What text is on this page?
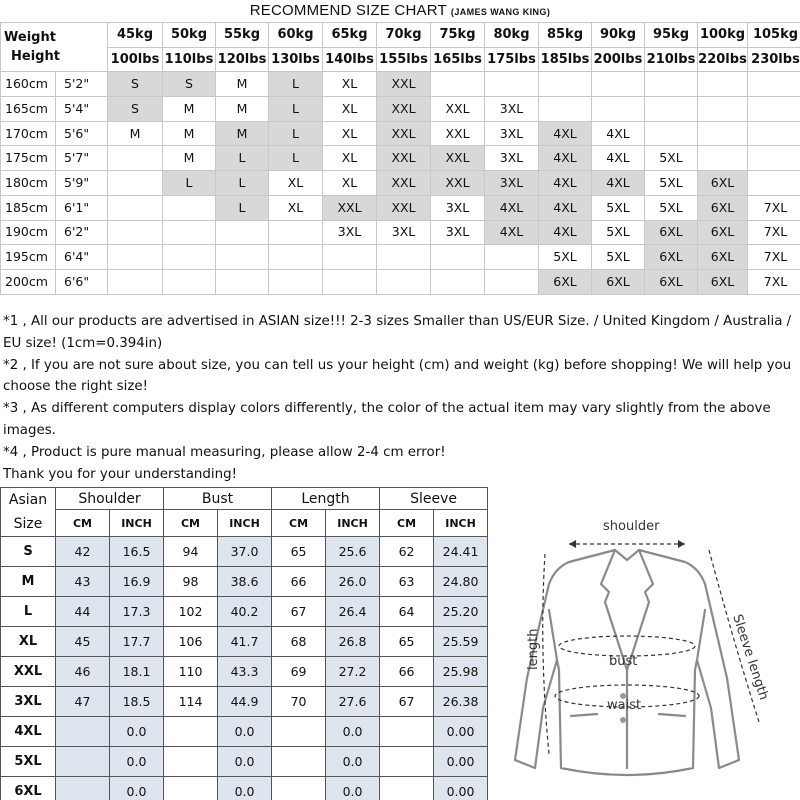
RECOMMEND SIZE CHART (JAMES WANG KING)
Weight
Height		45kg	50kg	55kg	60kg	65kg	70kg	75kg	80kg	85kg	90kg	95kg	100kg	105kg
		100lbs	110lbs	120lbs	130lbs	140lbs	155lbs	165lbs	175lbs	185lbs	200lbs	210lbs	220lbs	230lbs
160cm	5'2"	S	S	M	L	XL	XXL							
165cm	5'4"	S	M	M	L	XL	XXL	XXL	3XL					
170cm	5'6"	M	M	M	L	XL	XXL	XXL	3XL	4XL	4XL			
175cm	5'7"		M	L	L	XL	XXL	XXL	3XL	4XL	4XL	5XL		
180cm	5'9"		L	L	XL	XL	XXL	XXL	3XL	4XL	4XL	5XL	6XL	
185cm	6'1"			L	XL	XXL	XXL	3XL	4XL	4XL	5XL	5XL	6XL	7XL
190cm	6'2"					3XL	3XL	3XL	4XL	4XL	5XL	6XL	6XL	7XL
195cm	6'4"									5XL	5XL	6XL	6XL	7XL
200cm	6'6"									6XL	6XL	6XL	6XL	7XL

*1 , All our products are advertised in ASIAN size!!! 2-3 sizes Smaller than US/EUR Size. / United Kingdom / Australia / EU size! (1cm=0.394in)

*2 , If you are not sure about size, you can tell us your height (cm) and weight (kg) before shopping! We will help you choose the right size!

*3 , As different computers display colors differently, the color of the actual item may vary slightly from the above images.

*4 , Product is pure manual measuring, please allow 2-4 cm error!

Thank you for your understanding!

Asian
Size	Shoulder		Bust		Length		Sleeve	
	CM	INCH	CM	INCH	CM	INCH	CM	INCH
S	42	16.5	94	37.0	65	25.6	62	24.41
M	43	16.9	98	38.6	66	26.0	63	24.80
L	44	17.3	102	40.2	67	26.4	64	25.20
XL	45	17.7	106	41.7	68	26.8	65	25.59
XXL	46	18.1	110	43.3	69	27.2	66	25.98
3XL	47	18.5	114	44.9	70	27.6	67	26.38
4XL		0.0		0.0		0.0		0.00
5XL		0.0		0.0		0.0		0.00
6XL		0.0		0.0		0.0		0.00
shoulder
length	bust
waist
Sleeve length
